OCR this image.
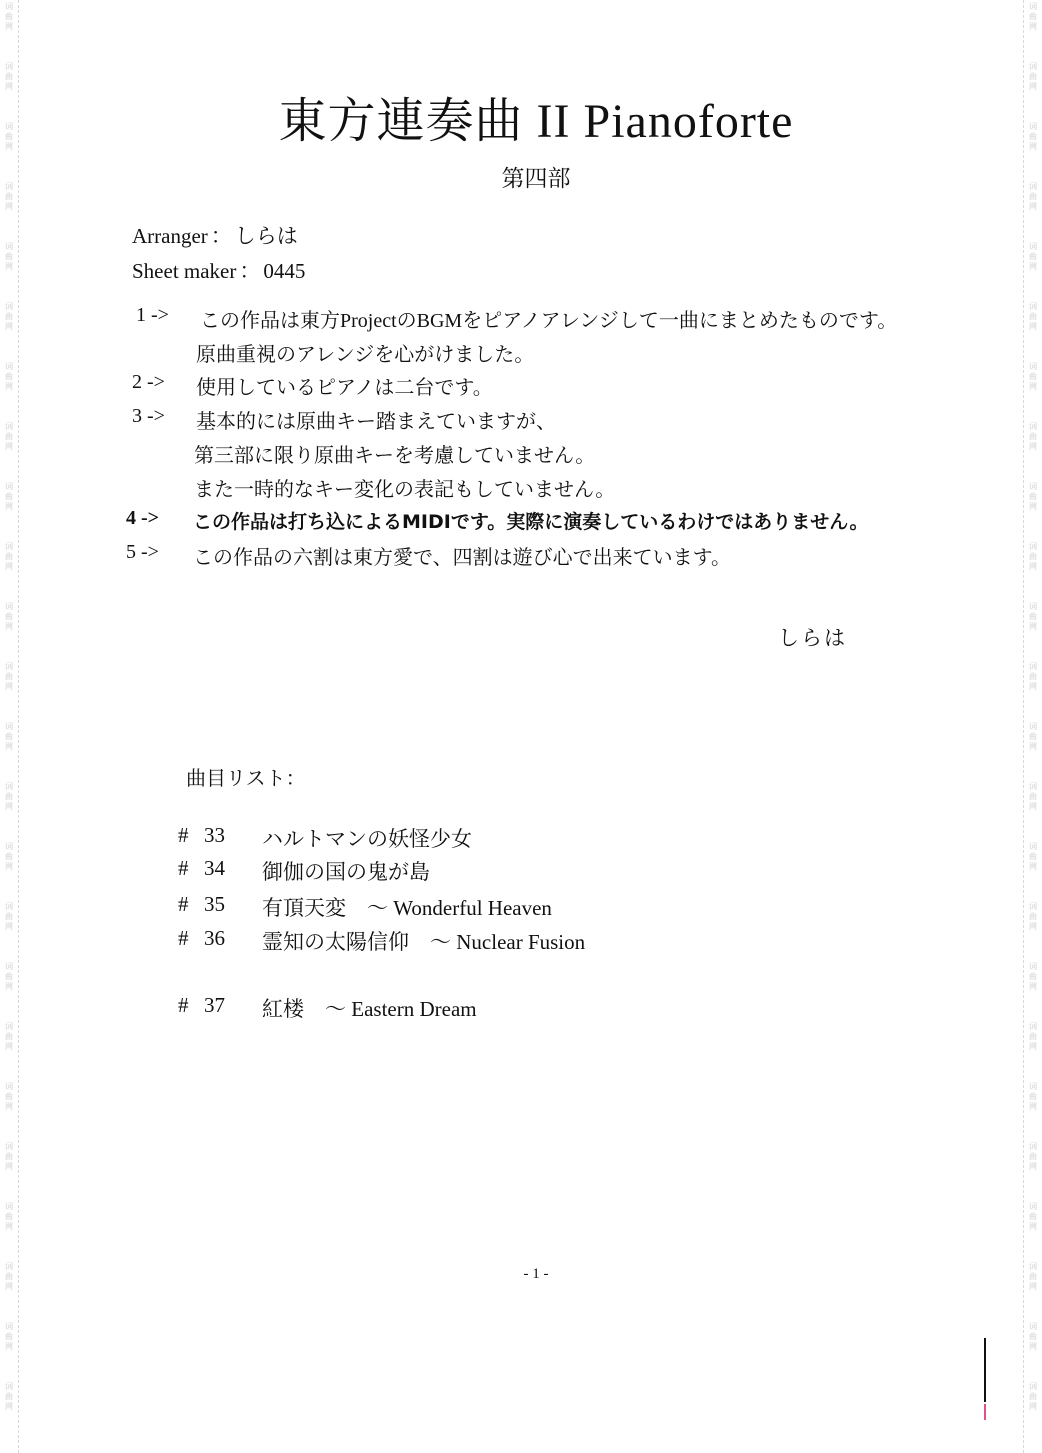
词
曲
网
词
曲
网
词
曲
网
词
曲
网
词
曲
网
词
曲
网
词
曲
网
词
曲
网
词
曲
网
词
曲
网
词
曲
网
词
曲
网
词
曲
网
词
曲
网
词
曲
网
词
曲
网
词
曲
网
词
曲
网
词
曲
网
词
曲
网
词
曲
网
词
曲
网
词
曲
网
词
曲
网
词
曲
网
词
曲
网
词
曲
网
词
曲
网
词
曲
网
词
曲
网
词
曲
网
词
曲
网
词
曲
网
词
曲
网
词
曲
网
词
曲
网
词
曲
网
词
曲
网
词
曲
网
词
曲
网
词
曲
网
词
曲
网
词
曲
网
词
曲
网
词
曲
网
词
曲
网
词
曲
网
词
曲
网
東方連奏曲 II Pianoforte
第四部
Arranger ： しらは
Sheet maker ： 0445
1 -> この作品は東方ProjectのBGMをピアノアレンジして一曲にまとめたものです。
原曲重視のアレンジを心がけました。
2 -> 使用しているピアノは二台です。
3 -> 基本的には原曲キー踏まえていますが、
第三部に限り原曲キーを考慮していません。
また一時的なキー変化の表記もしていません。
4 -> この作品は打ち込によるMIDIです。実際に演奏しているわけではありません。
5 -> この作品の六割は東方愛で、四割は遊び心で出来ています。
しらは
曲目リスト：
# 33 ハルトマンの妖怪少女
# 34 御伽の国の鬼が島
# 35 有頂天変　～ Wonderful Heaven
# 36 霊知の太陽信仰　～ Nuclear Fusion
# 37 紅楼　～ Eastern Dream
- 1 -
